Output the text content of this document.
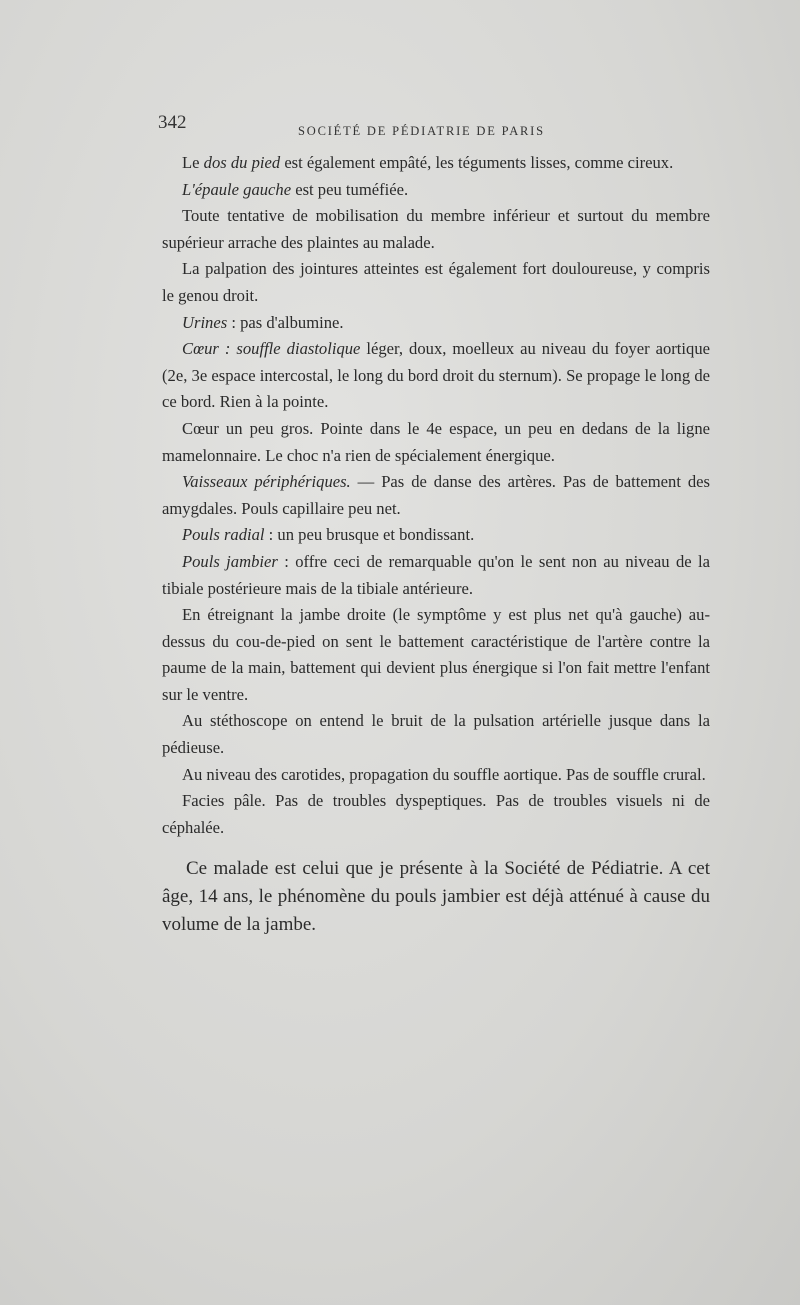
342	SOCIÉTÉ DE PÉDIATRIE DE PARIS

Le dos du pied est également empâté, les téguments lisses, comme cireux.

L'épaule gauche est peu tuméfiée.

Toute tentative de mobilisation du membre inférieur et surtout du membre supérieur arrache des plaintes au malade.

La palpation des jointures atteintes est également fort douloureuse, y compris le genou droit.

Urines : pas d'albumine.

Cœur : souffle diastolique léger, doux, moelleux au niveau du foyer aortique (2e, 3e espace intercostal, le long du bord droit du sternum). Se propage le long de ce bord. Rien à la pointe.

Cœur un peu gros. Pointe dans le 4e espace, un peu en dedans de la ligne mamelonnaire. Le choc n'a rien de spécialement énergique.

Vaisseaux périphériques. — Pas de danse des artères. Pas de battement des amygdales. Pouls capillaire peu net.

Pouls radial : un peu brusque et bondissant.

Pouls jambier : offre ceci de remarquable qu'on le sent non au niveau de la tibiale postérieure mais de la tibiale antérieure.

En étreignant la jambe droite (le symptôme y est plus net qu'à gauche) au-dessus du cou-de-pied on sent le battement caractéristique de l'artère contre la paume de la main, battement qui devient plus énergique si l'on fait mettre l'enfant sur le ventre.

Au stéthoscope on entend le bruit de la pulsation artérielle jusque dans la pédieuse.

Au niveau des carotides, propagation du souffle aortique. Pas de souffle crural.

Facies pâle. Pas de troubles dyspeptiques. Pas de troubles visuels ni de céphalée.

Ce malade est celui que je présente à la Société de Pédiatrie. A cet âge, 14 ans, le phénomène du pouls jambier est déjà atténué à cause du volume de la jambe.
